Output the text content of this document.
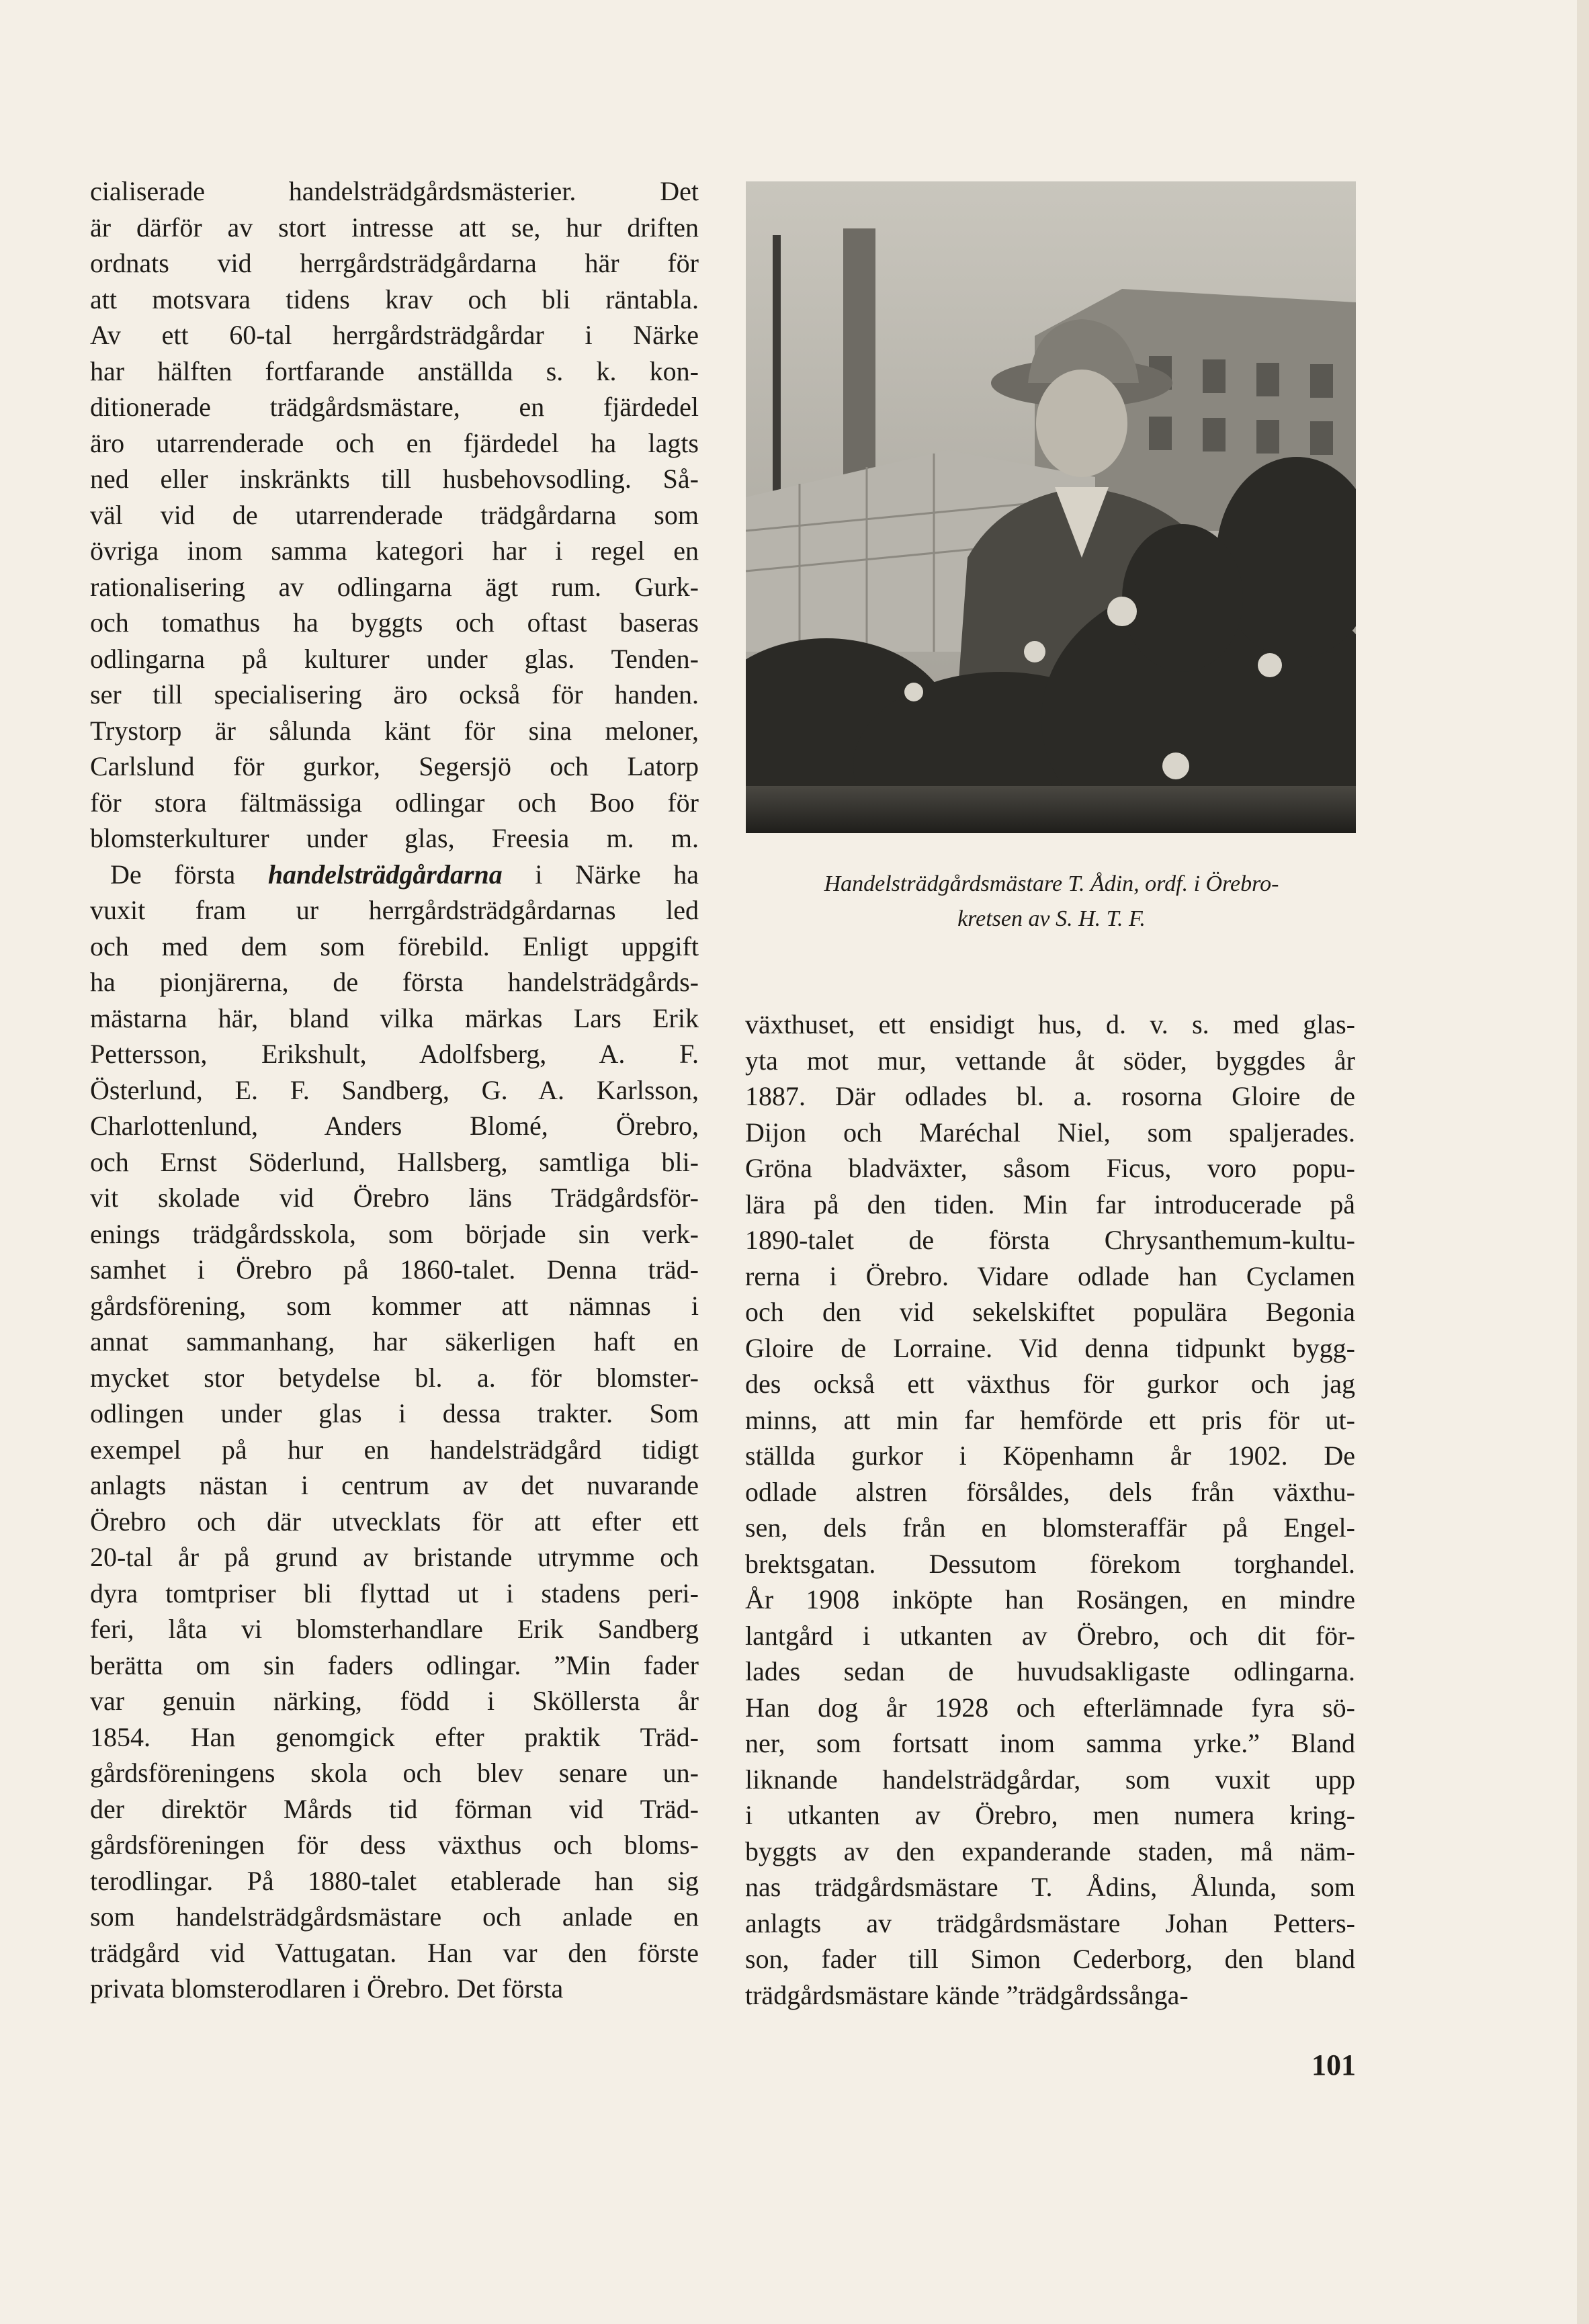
cialiserade handelsträdgårdsmästerier. Det
är därför av stort intresse att se, hur driften
ordnats vid herrgårdsträdgårdarna här för
att motsvara tidens krav och bli räntabla.
Av ett 60-tal herrgårdsträdgårdar i Närke
har hälften fortfarande anställda s. k. kon-
ditionerade trädgårdsmästare, en fjärdedel
äro utarrenderade och en fjärdedel ha lagts
ned eller inskränkts till husbehovsodling. Så-
väl vid de utarrenderade trädgårdarna som
övriga inom samma kategori har i regel en
rationalisering av odlingarna ägt rum. Gurk-
och tomathus ha byggts och oftast baseras
odlingarna på kulturer under glas. Tenden-
ser till specialisering äro också för handen.
Trystorp är sålunda känt för sina meloner,
Carlslund för gurkor, Segersjö och Latorp
för stora fältmässiga odlingar och Boo för
blomsterkulturer under glas, Freesia m. m.
De första handelsträdgårdarna i Närke ha
vuxit fram ur herrgårdsträdgårdarnas led
och med dem som förebild. Enligt uppgift
ha pionjärerna, de första handelsträdgårds-
mästarna här, bland vilka märkas Lars Erik
Pettersson, Erikshult, Adolfsberg, A. F.
Österlund, E. F. Sandberg, G. A. Karlsson,
Charlottenlund, Anders Blomé, Örebro,
och Ernst Söderlund, Hallsberg, samtliga bli-
vit skolade vid Örebro läns Trädgårdsför-
enings trädgårdsskola, som började sin verk-
samhet i Örebro på 1860-talet. Denna träd-
gårdsförening, som kommer att nämnas i
annat sammanhang, har säkerligen haft en
mycket stor betydelse bl. a. för blomster-
odlingen under glas i dessa trakter. Som
exempel på hur en handelsträdgård tidigt
anlagts nästan i centrum av det nuvarande
Örebro och där utvecklats för att efter ett
20-tal år på grund av bristande utrymme och
dyra tomtpriser bli flyttad ut i stadens peri-
feri, låta vi blomsterhandlare Erik Sandberg
berätta om sin faders odlingar. ”Min fader
var genuin närking, född i Sköllersta år
1854. Han genomgick efter praktik Träd-
gårdsföreningens skola och blev senare un-
der direktör Mårds tid förman vid Träd-
gårdsföreningen för dess växthus och bloms-
terodlingar. På 1880-talet etablerade han sig
som handelsträdgårdsmästare och anlade en
trädgård vid Vattugatan. Han var den förste
privata blomsterodlaren i Örebro. Det första
Handelsträdgårdsmästare T. Ådin, ordf. i Örebro-
kretsen av S. H. T. F.
växthuset, ett ensidigt hus, d. v. s. med glas-
yta mot mur, vettande åt söder, byggdes år
1887. Där odlades bl. a. rosorna Gloire de
Dijon och Maréchal Niel, som spaljerades.
Gröna bladväxter, såsom Ficus, voro popu-
lära på den tiden. Min far introducerade på
1890-talet de första Chrysanthemum-kultu-
rerna i Örebro. Vidare odlade han Cyclamen
och den vid sekelskiftet populära Begonia
Gloire de Lorraine. Vid denna tidpunkt bygg-
des också ett växthus för gurkor och jag
minns, att min far hemförde ett pris för ut-
ställda gurkor i Köpenhamn år 1902. De
odlade alstren försåldes, dels från växthu-
sen, dels från en blomsteraffär på Engel-
brektsgatan. Dessutom förekom torghandel.
År 1908 inköpte han Rosängen, en mindre
lantgård i utkanten av Örebro, och dit för-
lades sedan de huvudsakligaste odlingarna.
Han dog år 1928 och efterlämnade fyra sö-
ner, som fortsatt inom samma yrke.” Bland
liknande handelsträdgårdar, som vuxit upp
i utkanten av Örebro, men numera kring-
byggts av den expanderande staden, må näm-
nas trädgårdsmästare T. Ådins, Ålunda, som
anlagts av trädgårdsmästare Johan Petters-
son, fader till Simon Cederborg, den bland
trädgårdsmästare kände ”trädgårdssånga-
101
